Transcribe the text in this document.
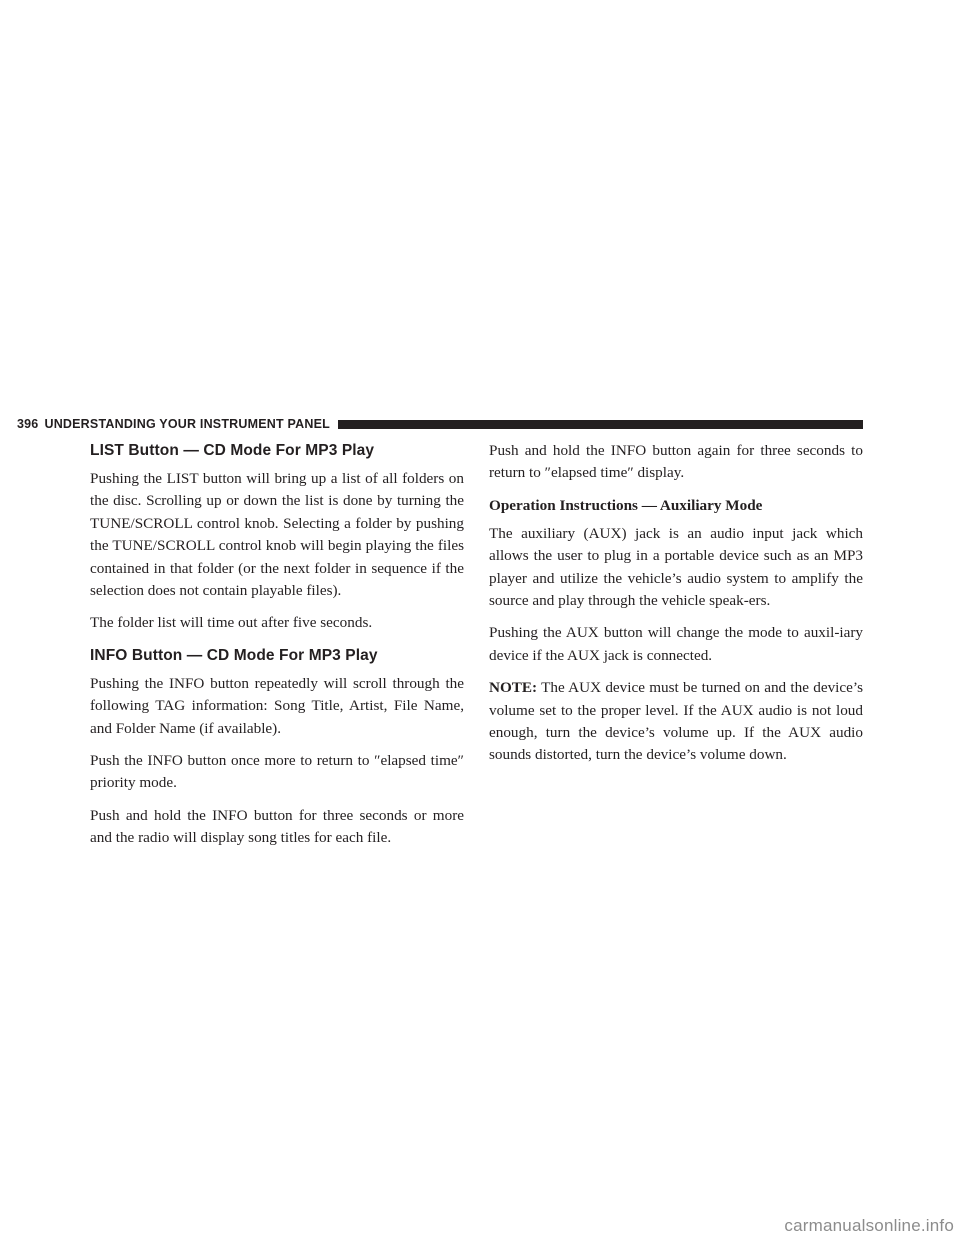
396 UNDERSTANDING YOUR INSTRUMENT PANEL
LIST Button — CD Mode For MP3 Play

Pushing the LIST button will bring up a list of all folders on the disc. Scrolling up or down the list is done by turning the TUNE/SCROLL control knob. Selecting a folder by pushing the TUNE/SCROLL control knob will begin playing the files contained in that folder (or the next folder in sequence if the selection does not contain playable files).

The folder list will time out after five seconds.

INFO Button — CD Mode For MP3 Play

Pushing the INFO button repeatedly will scroll through the following TAG information: Song Title, Artist, File Name, and Folder Name (if available).

Push the INFO button once more to return to ″elapsed time″ priority mode.

Push and hold the INFO button for three seconds or more and the radio will display song titles for each file.

Push and hold the INFO button again for three seconds to return to ″elapsed time″ display.

Operation Instructions — Auxiliary Mode

The auxiliary (AUX) jack is an audio input jack which allows the user to plug in a portable device such as an MP3 player and utilize the vehicle’s audio system to amplify the source and play through the vehicle speak-ers.

Pushing the AUX button will change the mode to auxil-iary device if the AUX jack is connected.

NOTE: The AUX device must be turned on and the device’s volume set to the proper level. If the AUX audio is not loud enough, turn the device’s volume up. If the AUX audio sounds distorted, turn the device’s volume down.

carmanualsonline.info
